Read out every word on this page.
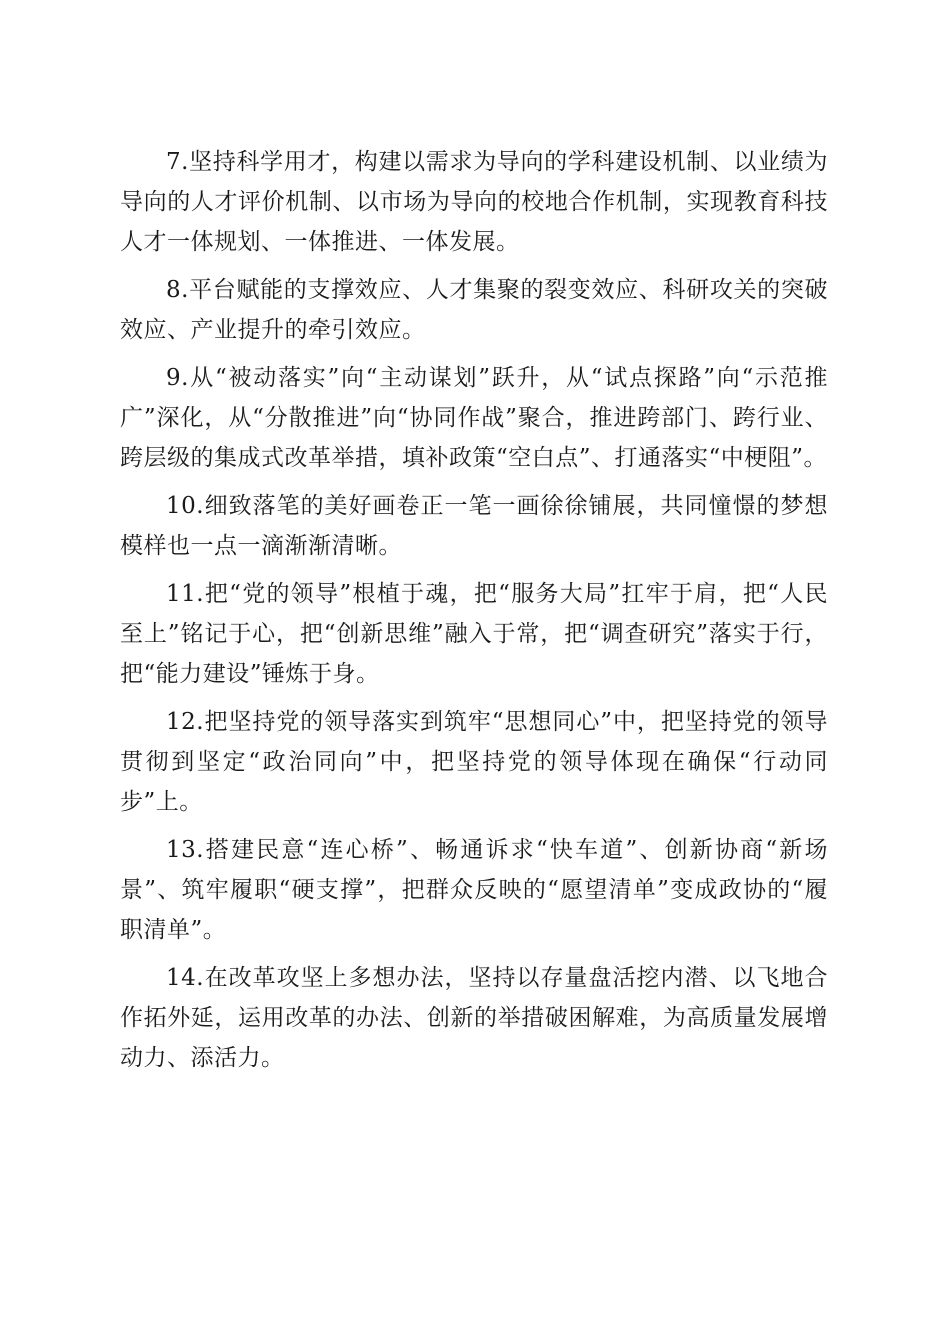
7.坚持科学用才，构建以需求为导向的学科建设机制、以业绩为导向的人才评价机制、以市场为导向的校地合作机制，实现教育科技人才一体规划、一体推进、一体发展。

8.平台赋能的支撑效应、人才集聚的裂变效应、科研攻关的突破效应、产业提升的牵引效应。

9.从“被动落实”向“主动谋划”跃升，从“试点探路”向“示范推广”深化，从“分散推进”向“协同作战”聚合，推进跨部门、跨行业、跨层级的集成式改革举措，填补政策“空白点”、打通落实“中梗阻”。

10.细致落笔的美好画卷正一笔一画徐徐铺展，共同憧憬的梦想模样也一点一滴渐渐清晰。

11.把“党的领导”根植于魂，把“服务大局”扛牢于肩，把“人民至上”铭记于心，把“创新思维”融入于常，把“调查研究”落实于行，把“能力建设”锤炼于身。

12.把坚持党的领导落实到筑牢“思想同心”中，把坚持党的领导贯彻到坚定“政治同向”中，把坚持党的领导体现在确保“行动同步”上。

13.搭建民意“连心桥”、畅通诉求“快车道”、创新协商“新场景”、筑牢履职“硬支撑”，把群众反映的“愿望清单”变成政协的“履职清单”。

14.在改革攻坚上多想办法，坚持以存量盘活挖内潜、以飞地合作拓外延，运用改革的办法、创新的举措破困解难，为高质量发展增动力、添活力。
